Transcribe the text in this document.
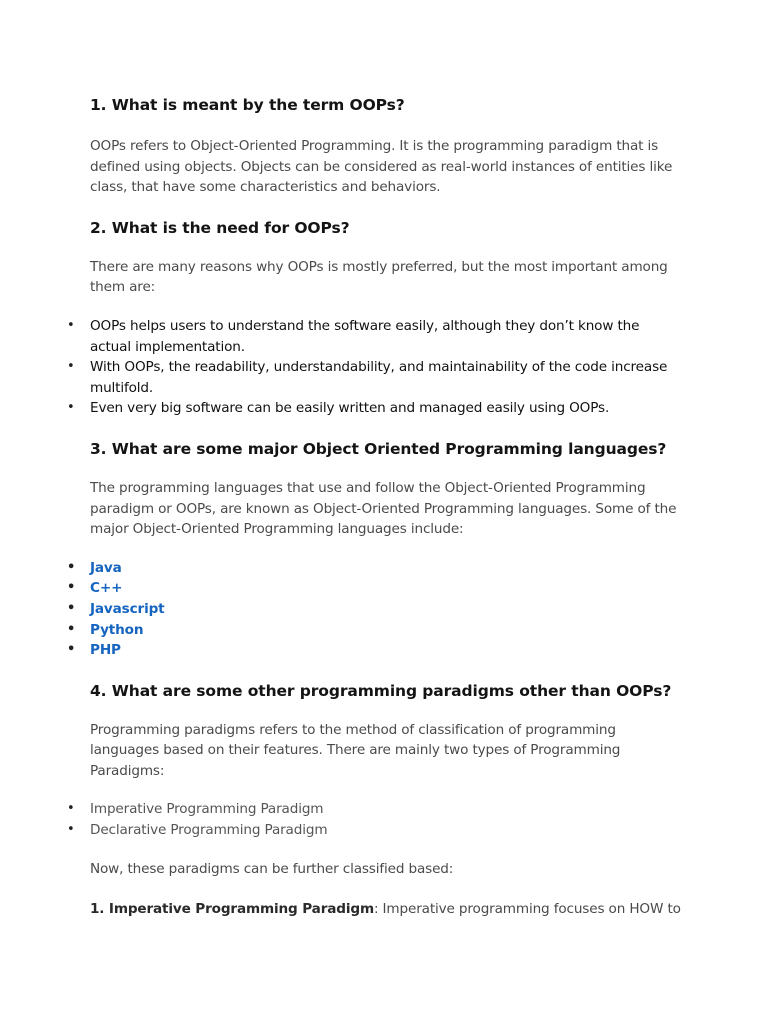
1. What is meant by the term OOPs?

OOPs refers to Object-Oriented Programming. It is the programming paradigm that is
defined using objects. Objects can be considered as real-world instances of entities like
class, that have some characteristics and behaviors.

2. What is the need for OOPs?

There are many reasons why OOPs is mostly preferred, but the most important among
them are:

• OOPs helps users to understand the software easily, although they don’t know the
actual implementation.
• With OOPs, the readability, understandability, and maintainability of the code increase
multifold.
• Even very big software can be easily written and managed easily using OOPs.
3. What are some major Object Oriented Programming languages?

The programming languages that use and follow the Object-Oriented Programming
paradigm or OOPs, are known as Object-Oriented Programming languages. Some of the
major Object-Oriented Programming languages include:

• Java
• C++
• Javascript
• Python
• PHP
4. What are some other programming paradigms other than OOPs?

Programming paradigms refers to the method of classification of programming
languages based on their features. There are mainly two types of Programming
Paradigms:

• Imperative Programming Paradigm
• Declarative Programming Paradigm

Now, these paradigms can be further classified based:

1. Imperative Programming Paradigm: Imperative programming focuses on HOW to
